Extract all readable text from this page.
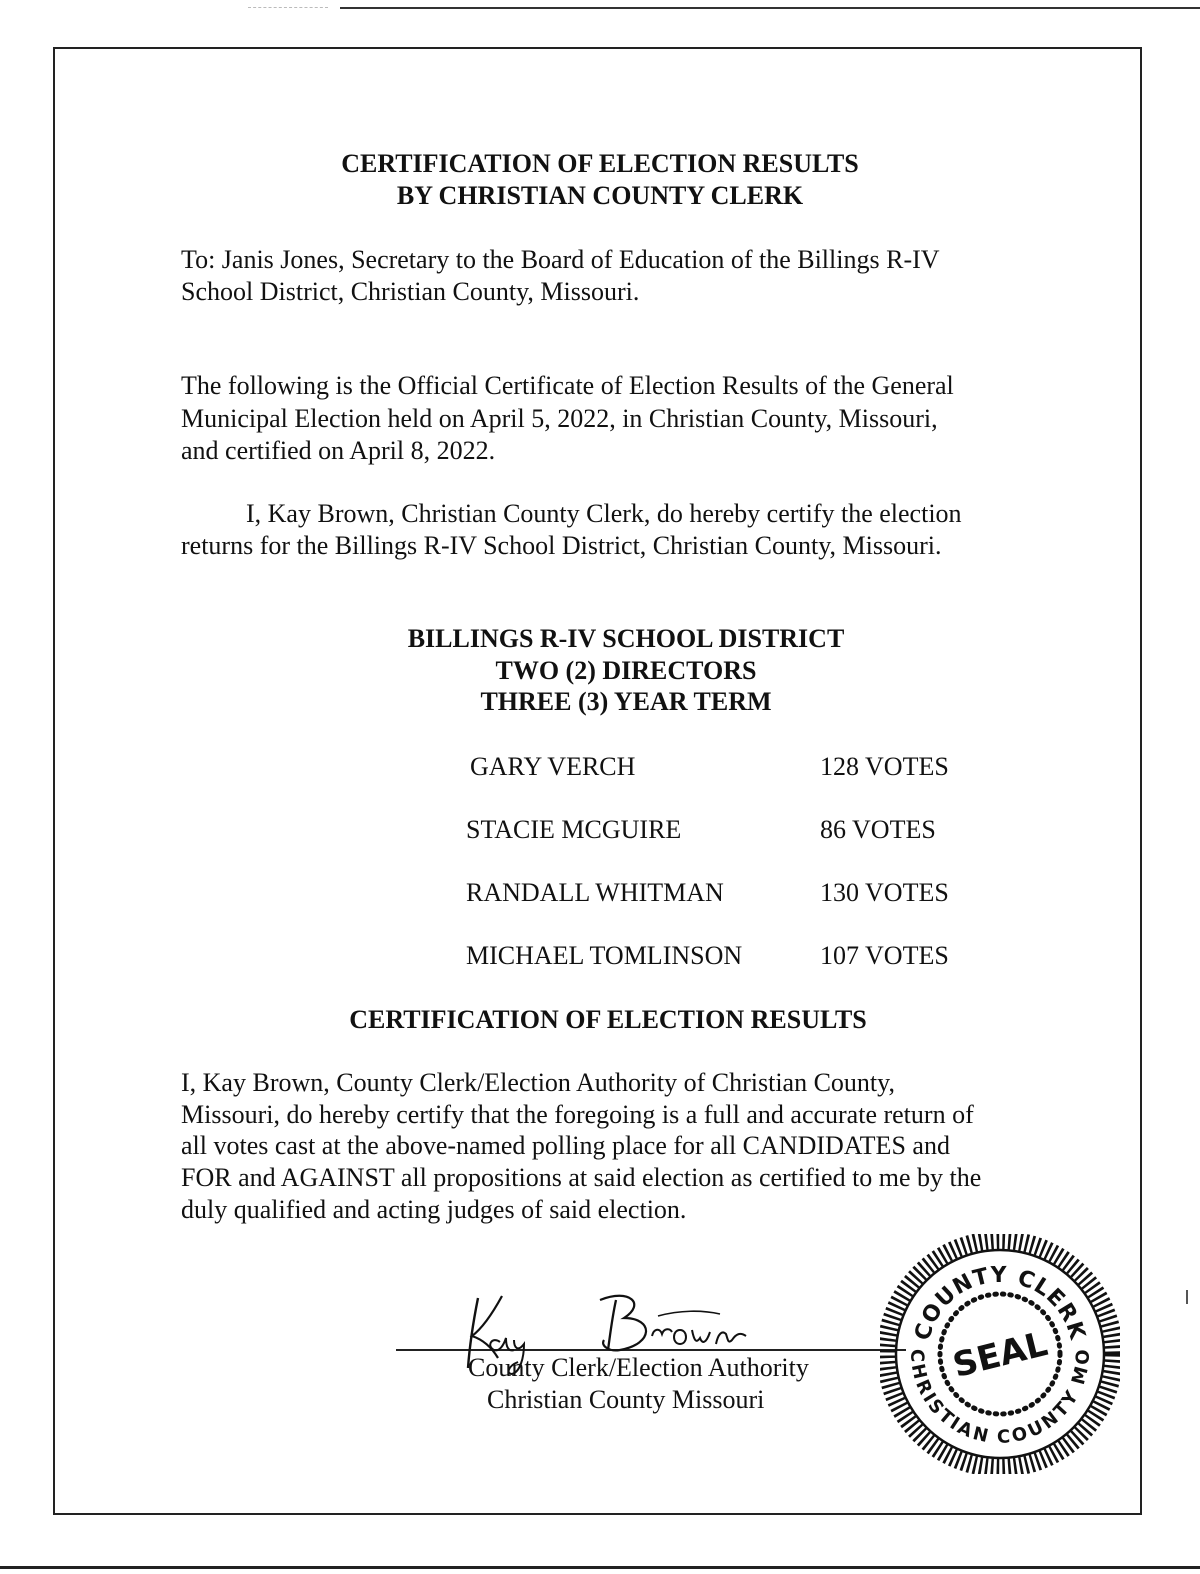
CERTIFICATION OF ELECTION RESULTS
BY CHRISTIAN COUNTY CLERK
To: Janis Jones, Secretary to the Board of Education of the Billings R-IV
School District, Christian County, Missouri.
The following is the Official Certificate of Election Results of the General
Municipal Election held on April 5, 2022, in Christian County, Missouri,
and certified on April 8, 2022.
I, Kay Brown, Christian County Clerk, do hereby certify the election
returns for the Billings R-IV School District, Christian County, Missouri.
BILLINGS R-IV SCHOOL DISTRICT
TWO (2) DIRECTORS
THREE (3) YEAR TERM
GARY VERCH	128 VOTES
STACIE MCGUIRE	86 VOTES
RANDALL WHITMAN	130 VOTES
MICHAEL TOMLINSON	107 VOTES
CERTIFICATION OF ELECTION RESULTS
I, Kay Brown, County Clerk/Election Authority of Christian County,
Missouri, do hereby certify that the foregoing is a full and accurate return of
all votes cast at the above-named polling place for all CANDIDATES and
FOR and AGAINST all propositions at said election as certified to me by the
duly qualified and acting judges of said election.
County Clerk/Election Authority
Christian County Missouri
COUNTY CLERK
CHRISTIAN COUNTY MO
SEAL
